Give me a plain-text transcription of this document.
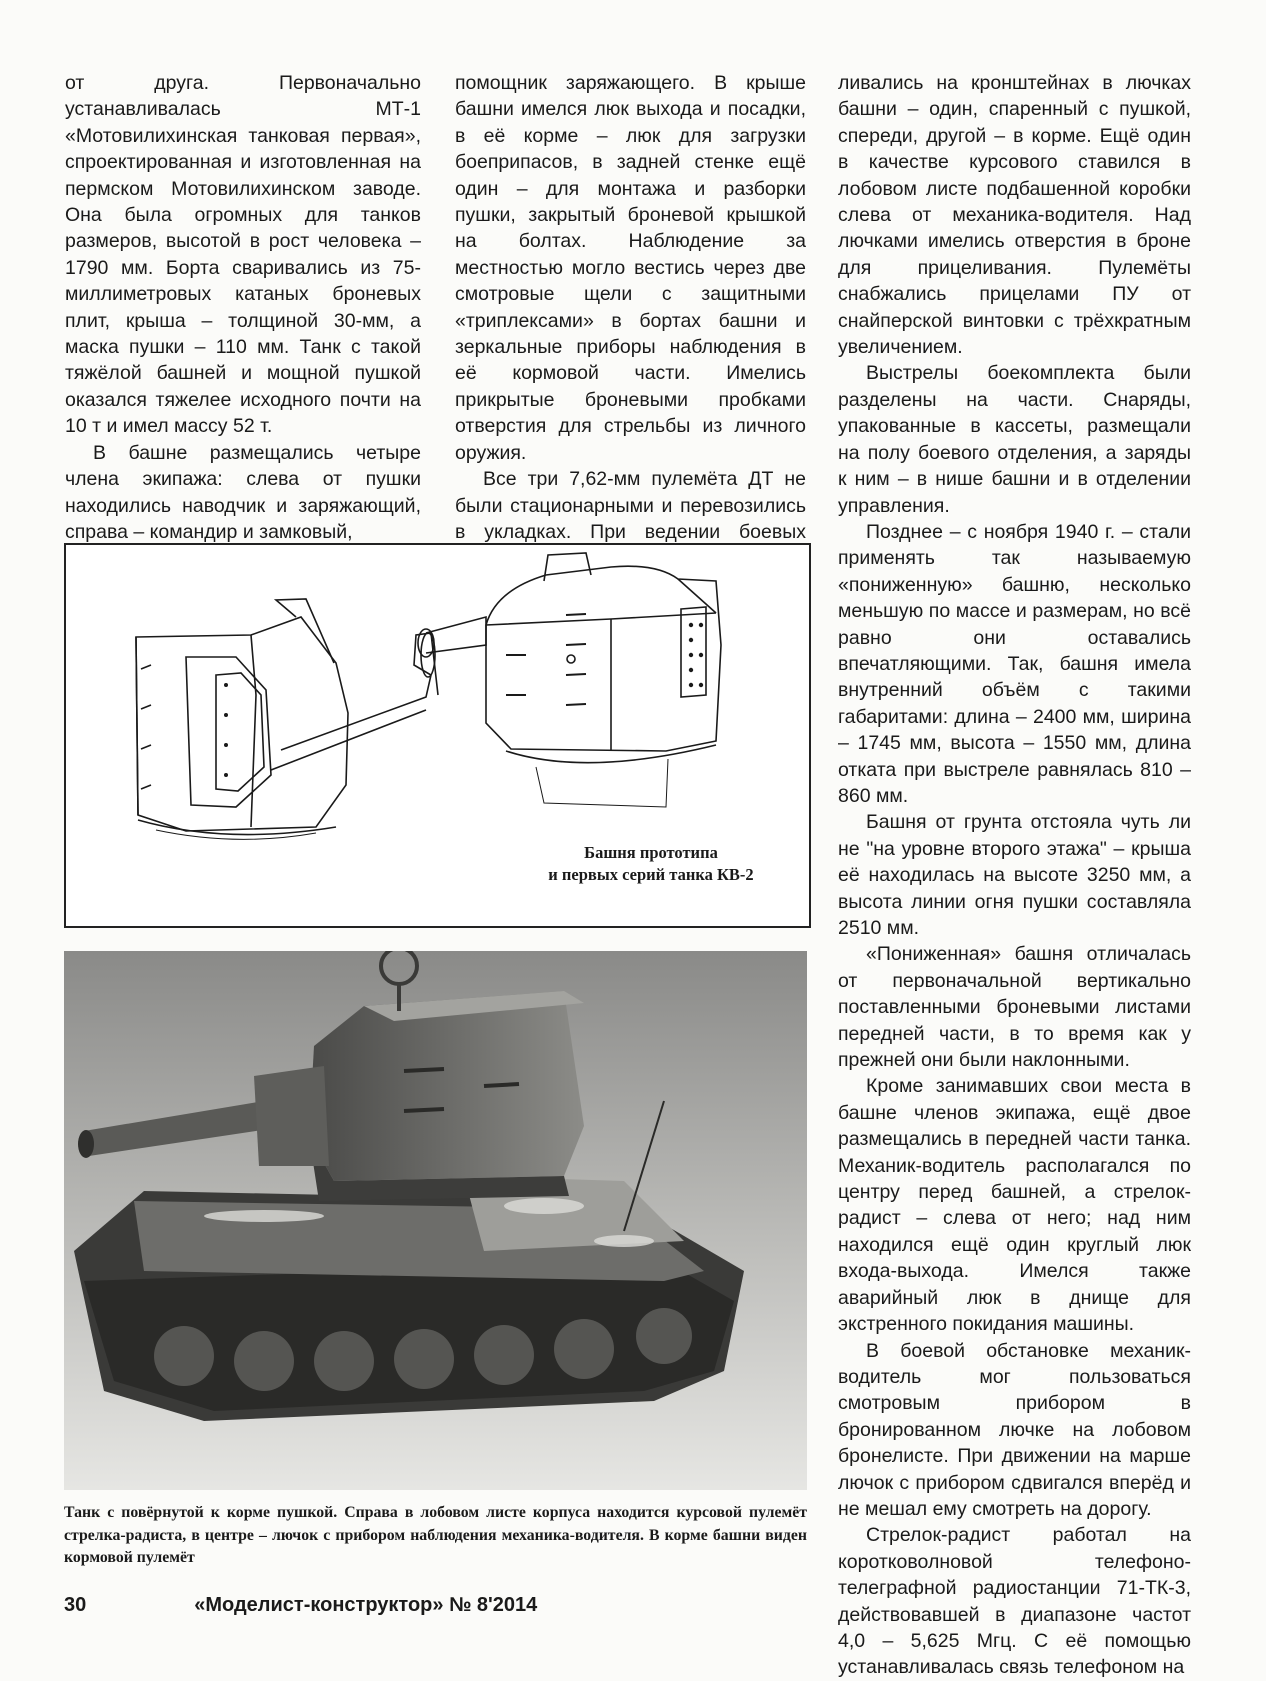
от друга. Первоначально устанавливалась МТ-1 «Мотовилихинская танковая первая», спроектированная и изготовленная на пермском Мотовилихинском заводе. Она была огромных для танков размеров, высотой в рост человека – 1790 мм. Борта сваривались из 75-миллиметровых катаных броневых плит, крыша – толщиной 30-мм, а маска пушки – 110 мм. Танк с такой тяжёлой башней и мощной пушкой оказался тяжелее исходного почти на 10 т и имел массу 52 т.

В башне размещались четыре члена экипажа: слева от пушки находились наводчик и заряжающий, справа – командир и замковый,

помощник заряжающего. В крыше башни имелся люк выхода и посадки, в её корме – люк для загрузки боеприпасов, в задней стенке ещё один – для монтажа и разборки пушки, закрытый броневой крышкой на болтах. Наблюдение за местностью могло вестись через две смотровые щели с защитными «триплексами» в бортах башни и зеркальные приборы наблюдения в её кормовой части. Имелись прикрытые броневыми пробками отверстия для стрельбы из личного оружия.

Все три 7,62-мм пулемёта ДТ не были стационарными и перевозились в укладках. При ведении боевых

ливались на кронштейнах в лючках башни – один, спаренный с пушкой, спереди, другой – в корме. Ещё один в качестве курсового ставился в лобовом листе подбашенной коробки слева от механика-водителя. Над лючками имелись отверстия в броне для прицеливания. Пулемёты снабжались прицелами ПУ от снайперской винтовки с трёхкратным увеличением.

Выстрелы боекомплекта были разделены на части. Снаряды, упакованные в кассеты, размещали на полу боевого отделения, а заряды к ним – в нише башни и в отделении управления.

Позднее – с ноября 1940 г. – стали применять так называемую «пониженную» башню, несколько меньшую по массе и размерам, но всё равно они оставались впечатляющими. Так, башня имела внутренний объём с такими габаритами: длина – 2400 мм, ширина – 1745 мм, высота – 1550 мм, длина отката при выстреле равнялась 810 – 860 мм.

Башня от грунта отстояла чуть ли не "на уровне второго этажа" – крыша её находилась на высоте 3250 мм, а высота линии огня пушки составляла 2510 мм.

«Пониженная» башня отличалась от первоначальной вертикально поставленными броневыми листами передней части, в то время как у прежней они были наклонными.

Кроме занимавших свои места в башне членов экипажа, ещё двое размещались в передней части танка. Механик-водитель располагался по центру перед башней, а стрелок-радист – слева от него; над ним находился ещё один круглый люк входа-выхода. Имелся также аварийный люк в днище для экстренного покидания машины.

В боевой обстановке механик-водитель мог пользоваться смотровым прибором в бронированном лючке на лобовом бронелисте. При движении на марше лючок с прибором сдвигался вперёд и не мешал ему смотреть на дорогу.

Стрелок-радист работал на коротковолновой телефоно-телеграфной радиостанции 71-ТК-3, действовавшей в диапазоне частот 4,0 – 5,625 Мгц. С её помощью устанавливалась связь телефоном на

Башня прототипа
и первых серий танка КВ-2
Танк с повёрнутой к корме пушкой. Справа в лобовом листе корпуса находится курсовой пулемёт стрелка-радиста, в центре – лючок с прибором наблюдения механика-водителя. В корме башни виден кормовой пулемёт
30	«Моделист-конструктор» № 8'2014
